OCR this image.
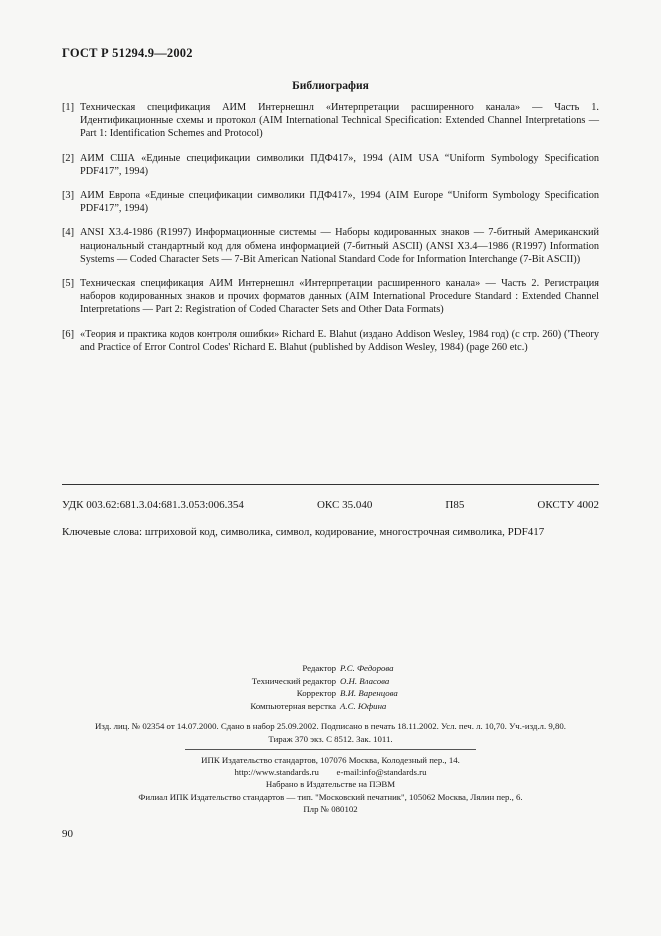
ГОСТ Р 51294.9—2002
Библиография
[1] Техническая спецификация АИМ Интернешнл «Интерпретации расширенного канала» — Часть 1. Идентификационные схемы и протокол (AIM International Technical Specification: Extended Channel Interpretations — Part 1: Identification Schemes and Protocol)
[2] АИМ США «Единые спецификации символики ПДФ417», 1994 (AIM USA “Uniform Symbology Specification PDF417”, 1994)
[3] АИМ Европа «Единые спецификации символики ПДФ417», 1994 (AIM Europe “Uniform Symbology Specification PDF417”, 1994)
[4] ANSI X3.4-1986 (R1997) Информационные системы — Наборы кодированных знаков — 7-битный Американский национальный стандартный код для обмена информацией (7-битный ASCII) (ANSI X3.4—1986 (R1997) Information Systems — Coded Character Sets — 7-Bit American National Standard Code for Information Interchange (7-Bit ASCII))
[5] Техническая спецификация АИМ Интернешнл «Интерпретации расширенного канала» — Часть 2. Регистрация наборов кодированных знаков и прочих форматов данных (AIM International Procedure Standard : Extended Channel Interpretations — Part 2: Registration of Coded Character Sets and Other Data Formats)
[6] «Теория и практика кодов контроля ошибки» Richard E. Blahut (издано Addison Wesley, 1984 год) (с стр. 260) ('Theory and Practice of Error Control Codes' Richard E. Blahut (published by Addison Wesley, 1984) (page 260 etc.)
УДК 003.62:681.3.04:681.3.053:006.354	ОКС 35.040	П85	ОКСТУ 4002
Ключевые слова: штриховой код, символика, символ, кодирование, многострочная символика, PDF417
Редактор Р.С. Федорова
Технический редактор О.Н. Власова
Корректор В.И. Варенцова
Компьютерная верстка А.С. Юфина
Изд. лиц. № 02354 от 14.07.2000. Сдано в набор 25.09.2002. Подписано в печать 18.11.2002. Усл. печ. л. 10,70. Уч.-изд.л. 9,80.
Тираж 370 экз. С 8512. Зак. 1011.
ИПК Издательство стандартов, 107076 Москва, Колодезный пер., 14.
http://www.standards.ru        e-mail:info@standards.ru
Набрано в Издательстве на ПЭВМ
Филиал ИПК Издательство стандартов — тип. "Московский печатник", 105062 Москва, Лялин пер., 6.
Плр № 080102
90
